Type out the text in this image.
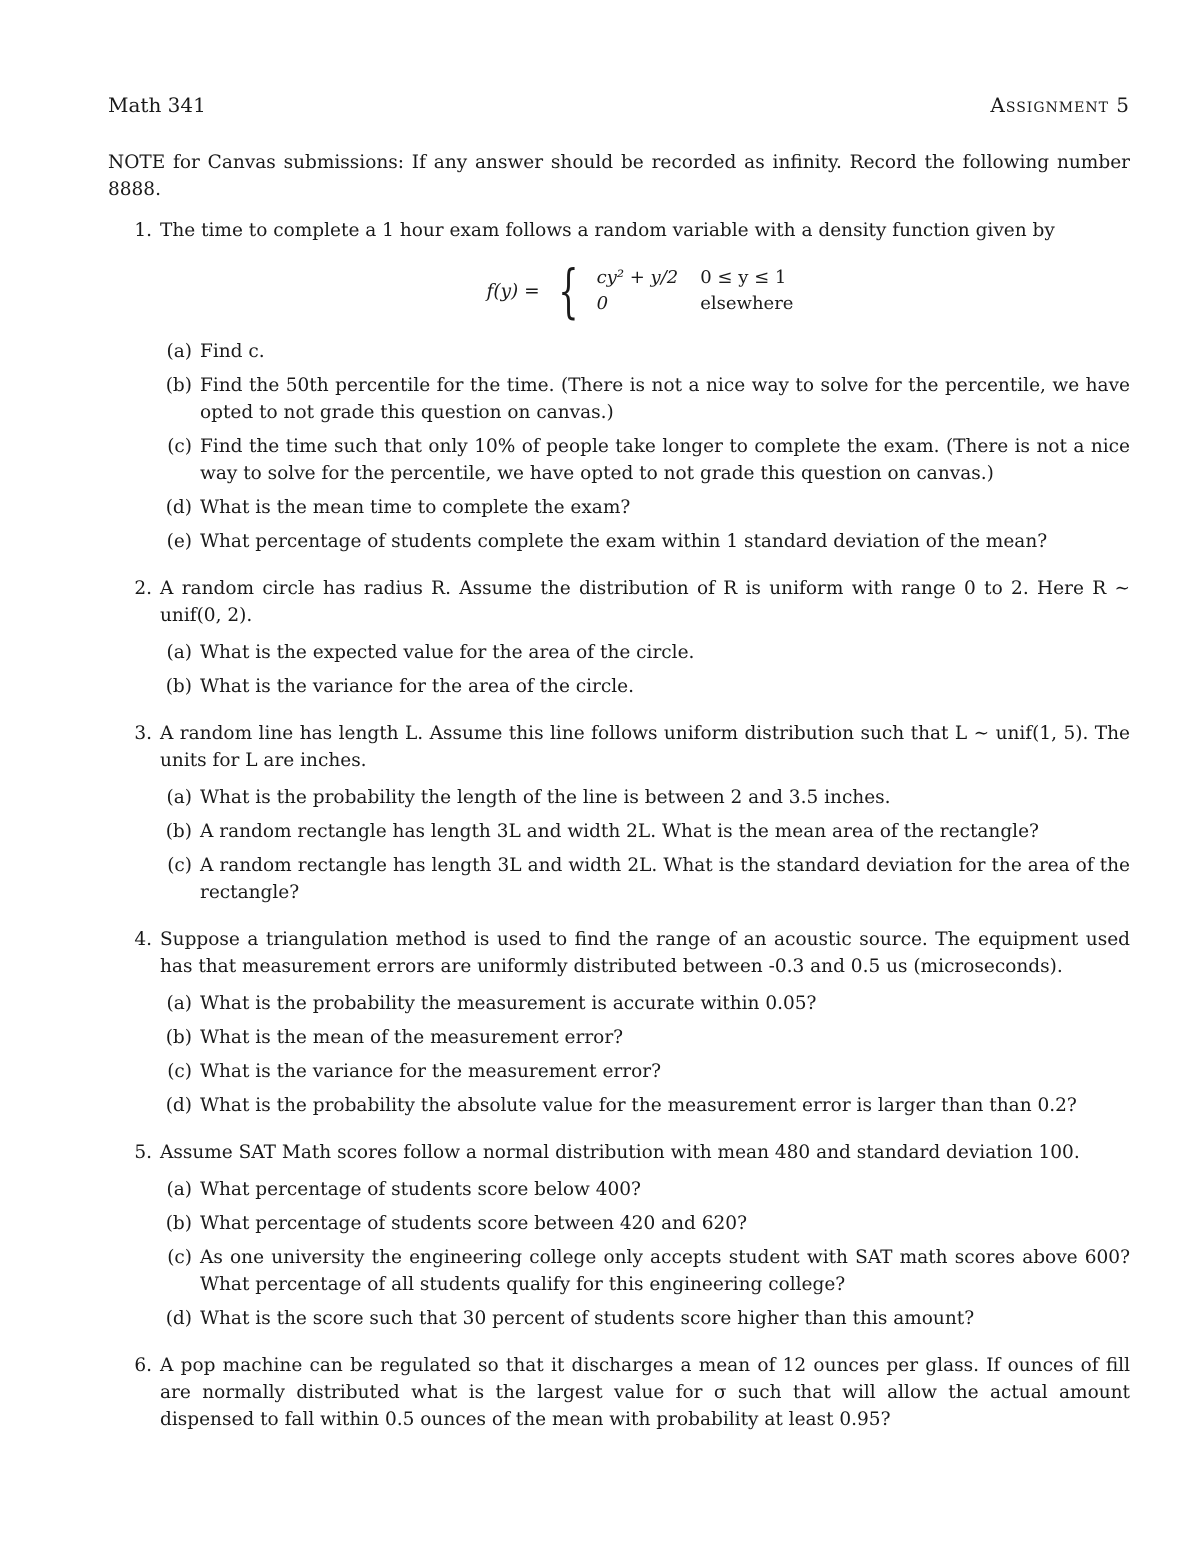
Math 341	Assignment 5
NOTE for Canvas submissions: If any answer should be recorded as infinity. Record the following number 8888.
1. The time to complete a 1 hour exam follows a random variable with a density function given by
f(y) = { cy² + y/2	0 ≤ y ≤ 1
0	elsewhere
(a) Find c.
(b) Find the 50th percentile for the time. (There is not a nice way to solve for the percentile, we have opted to not grade this question on canvas.)
(c) Find the time such that only 10% of people take longer to complete the exam. (There is not a nice way to solve for the percentile, we have opted to not grade this question on canvas.)
(d) What is the mean time to complete the exam?
(e) What percentage of students complete the exam within 1 standard deviation of the mean?
2. A random circle has radius R. Assume the distribution of R is uniform with range 0 to 2. Here R ∼ unif(0, 2).
(a) What is the expected value for the area of the circle.
(b) What is the variance for the area of the circle.
3. A random line has length L. Assume this line follows uniform distribution such that L ∼ unif(1, 5). The units for L are inches.
(a) What is the probability the length of the line is between 2 and 3.5 inches.
(b) A random rectangle has length 3L and width 2L. What is the mean area of the rectangle?
(c) A random rectangle has length 3L and width 2L. What is the standard deviation for the area of the rectangle?
4. Suppose a triangulation method is used to find the range of an acoustic source. The equipment used has that measurement errors are uniformly distributed between -0.3 and 0.5 us (microseconds).
(a) What is the probability the measurement is accurate within 0.05?
(b) What is the mean of the measurement error?
(c) What is the variance for the measurement error?
(d) What is the probability the absolute value for the measurement error is larger than than 0.2?
5. Assume SAT Math scores follow a normal distribution with mean 480 and standard deviation 100.
(a) What percentage of students score below 400?
(b) What percentage of students score between 420 and 620?
(c) As one university the engineering college only accepts student with SAT math scores above 600? What percentage of all students qualify for this engineering college?
(d) What is the score such that 30 percent of students score higher than this amount?
6. A pop machine can be regulated so that it discharges a mean of 12 ounces per glass. If ounces of fill are normally distributed what is the largest value for σ such that will allow the actual amount dispensed to fall within 0.5 ounces of the mean with probability at least 0.95?
